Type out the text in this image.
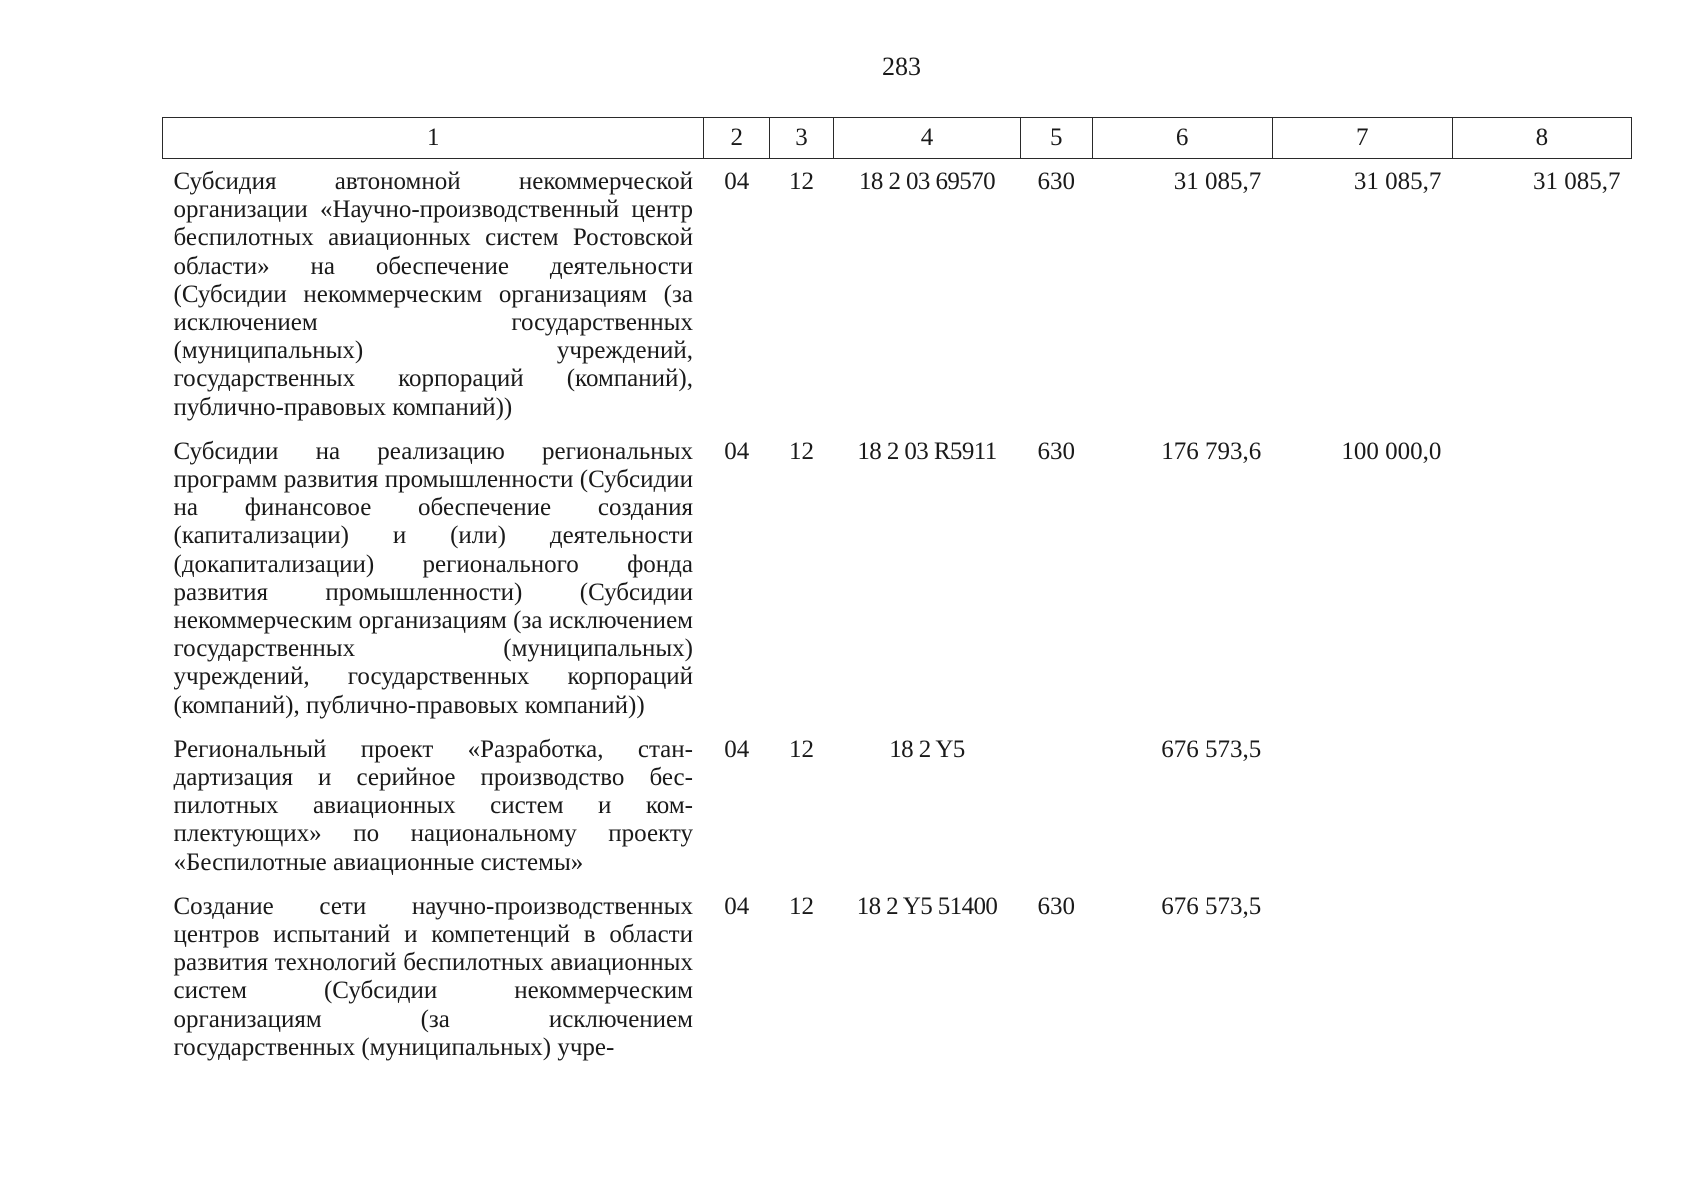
283
1	2	3	4	5	6	7	8
Субсидия автономной некоммерческой организации «Научно-производственный центр беспилотных авиационных систем Ростовской области» на обеспечение деятельности (Субсидии некоммерческим организациям (за исключением государственных (муниципальных) учреждений, государственных корпораций (компаний), публично-правовых компаний))	04	12	18 2 03 69570	630	31 085,7	31 085,7	31 085,7
Субсидии на реализацию региональных программ развития промышленности (Субсидии на финансовое обеспечение создания (капитализации) и (или) деятельности (докапитализации) регионального фонда развития промышленности) (Субсидии некоммерческим организациям (за исключением государственных (муниципальных) учреждений, государственных корпораций (компаний), публично-правовых компаний))	04	12	18 2 03 R5911	630	176 793,6	100 000,0	
Региональный проект «Разработка, стандартизация и серийное производство беспилотных авиационных систем и комплектующих» по национальному проекту «Беспилотные авиационные системы»	04	12	18 2 Y5		676 573,5		
Создание сети научно-производственных центров испытаний и компетенций в области развития технологий беспилотных авиационных систем (Субсидии некоммерческим организациям (за исключением государственных (муниципальных) учре-	04	12	18 2 Y5 51400	630	676 573,5		
